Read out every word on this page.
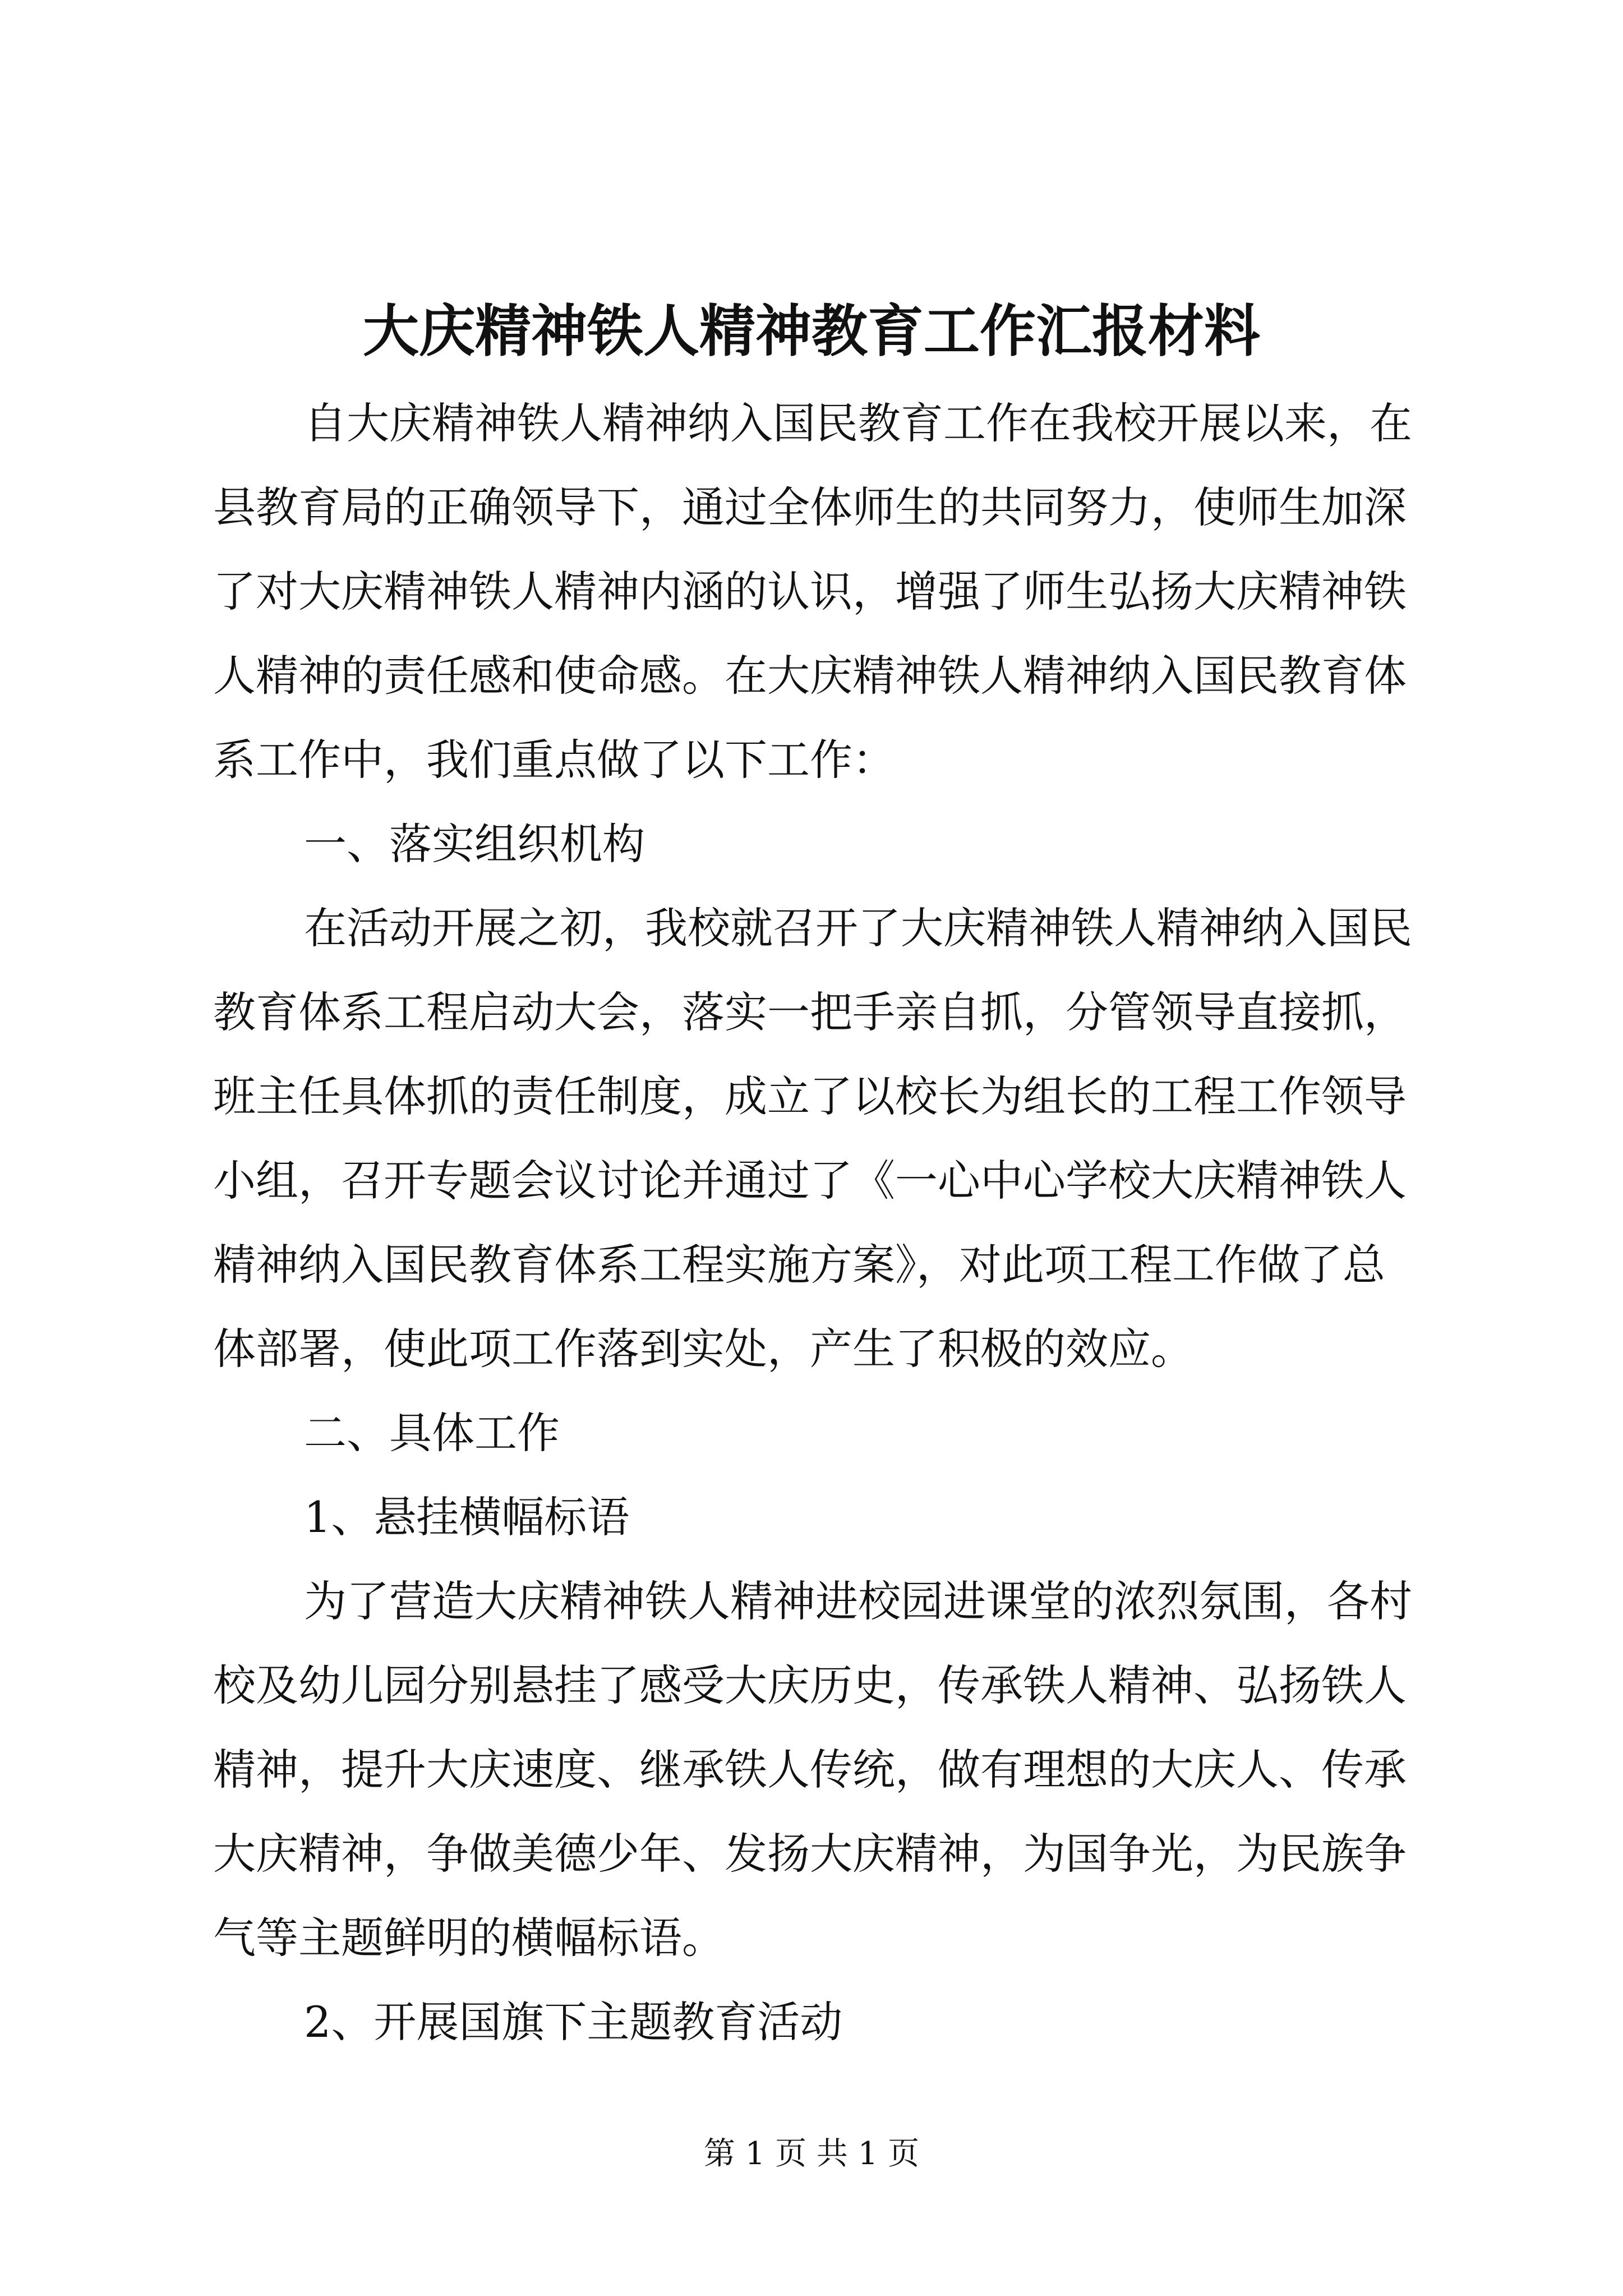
大庆精神铁人精神教育工作汇报材料
自大庆精神铁人精神纳入国民教育工作在我校开展以来，在
县教育局的正确领导下，通过全体师生的共同努力，使师生加深
了对大庆精神铁人精神内涵的认识，增强了师生弘扬大庆精神铁
人精神的责任感和使命感。在大庆精神铁人精神纳入国民教育体
系工作中，我们重点做了以下工作：
一、落实组织机构
在活动开展之初，我校就召开了大庆精神铁人精神纳入国民
教育体系工程启动大会，落实一把手亲自抓，分管领导直接抓，
班主任具体抓的责任制度，成立了以校长为组长的工程工作领导
小组，召开专题会议讨论并通过了《一心中心学校大庆精神铁人
精神纳入国民教育体系工程实施方案》，对此项工程工作做了总
体部署，使此项工作落到实处，产生了积极的效应。
二、具体工作
1、悬挂横幅标语
为了营造大庆精神铁人精神进校园进课堂的浓烈氛围，各村
校及幼儿园分别悬挂了感受大庆历史，传承铁人精神、弘扬铁人
精神，提升大庆速度、继承铁人传统，做有理想的大庆人、传承
大庆精神，争做美德少年、发扬大庆精神，为国争光，为民族争
气等主题鲜明的横幅标语。
2、开展国旗下主题教育活动
第 1 页 共 1 页
